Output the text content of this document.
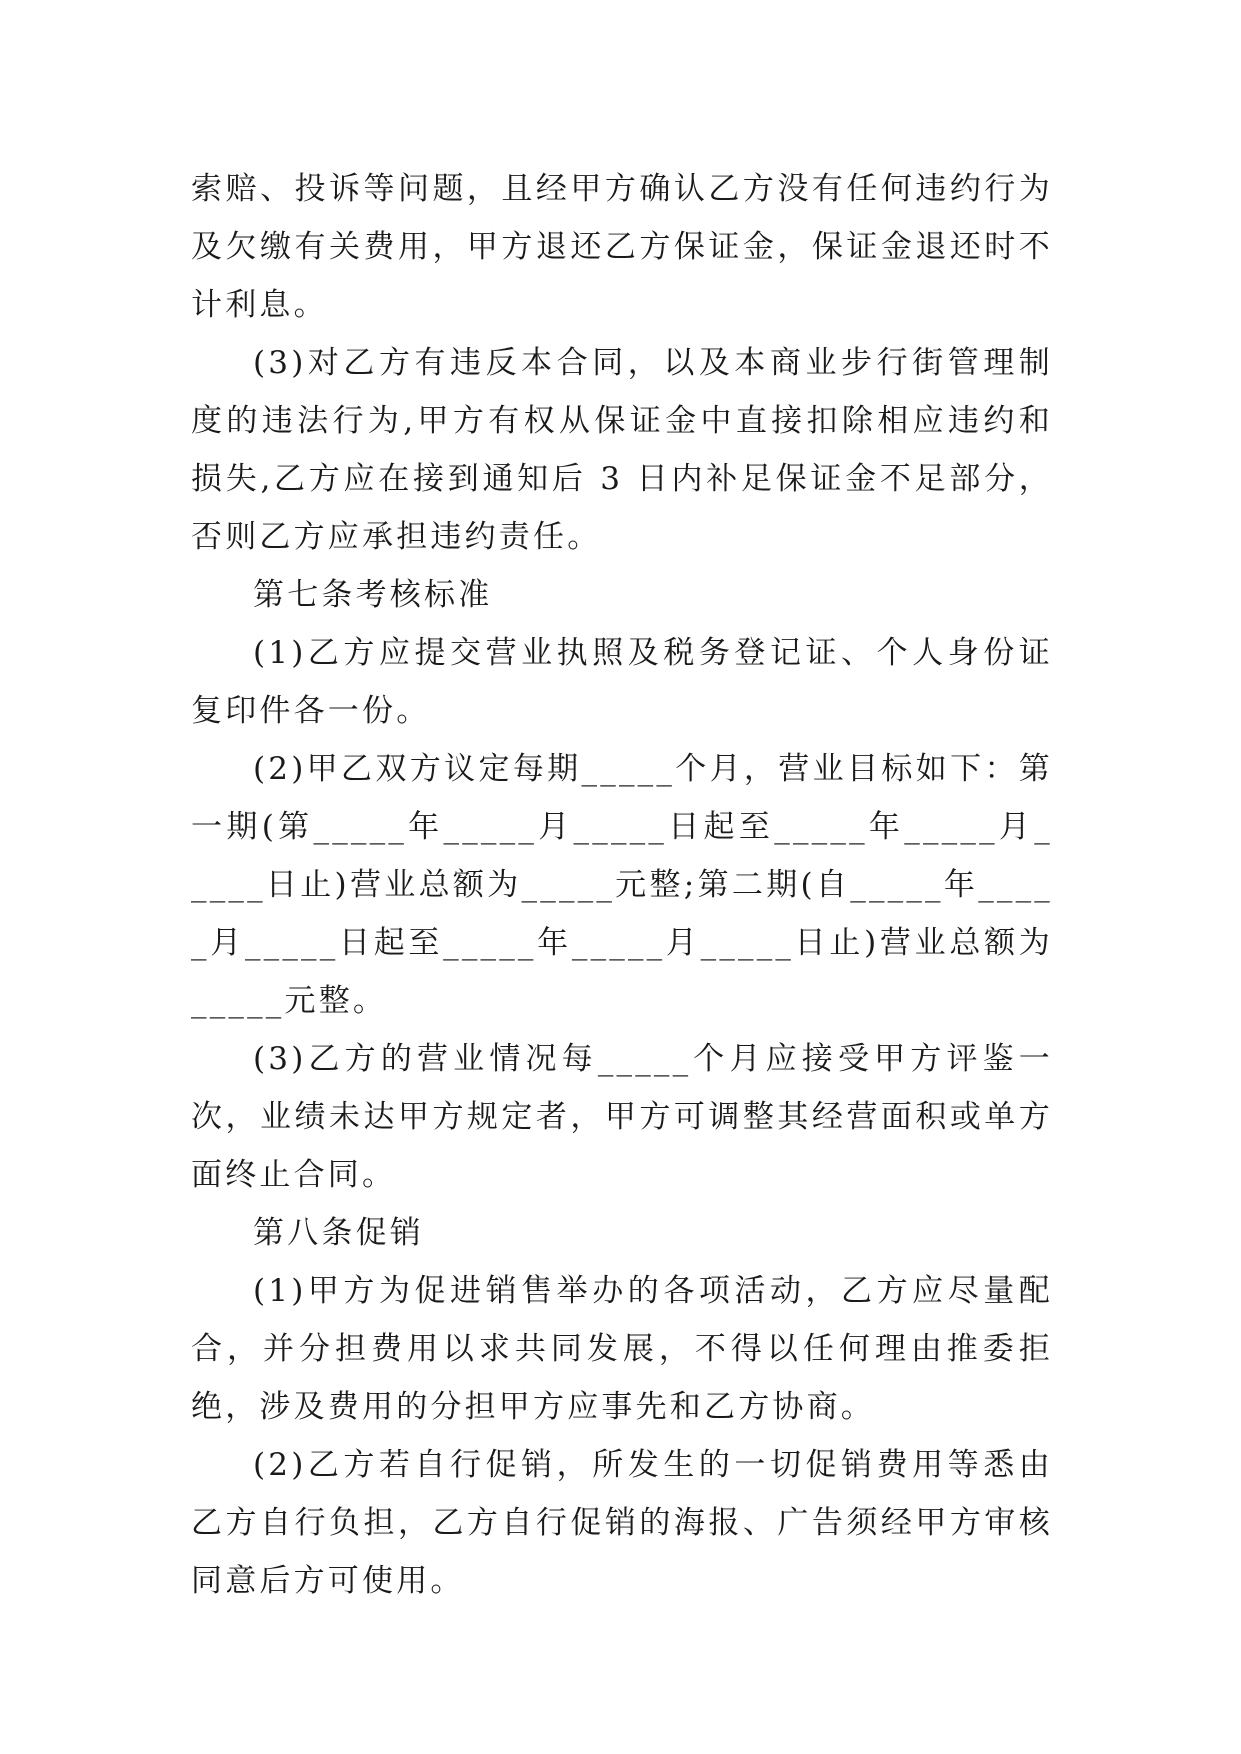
索赔、投诉等问题，且经甲方确认乙方没有任何违约行为及欠缴有关费用，甲方退还乙方保证金，保证金退还时不计利息。

(3)对乙方有违反本合同，以及本商业步行街管理制度的违法行为,甲方有权从保证金中直接扣除相应违约和损失,乙方应在接到通知后 3 日内补足保证金不足部分，否则乙方应承担违约责任。

第七条考核标准

(1)乙方应提交营业执照及税务登记证、个人身份证复印件各一份。

(2)甲乙双方议定每期_____个月，营业目标如下：第一期(第_____年_____月_____日起至_____年_____月_____日止)营业总额为_____元整;第二期(自_____年_____月_____日起至_____年_____月_____日止)营业总额为_____元整。

(3)乙方的营业情况每_____个月应接受甲方评鉴一次，业绩未达甲方规定者，甲方可调整其经营面积或单方面终止合同。

第八条促销

(1)甲方为促进销售举办的各项活动，乙方应尽量配合，并分担费用以求共同发展，不得以任何理由推委拒绝，涉及费用的分担甲方应事先和乙方协商。

(2)乙方若自行促销，所发生的一切促销费用等悉由乙方自行负担，乙方自行促销的海报、广告须经甲方审核同意后方可使用。
